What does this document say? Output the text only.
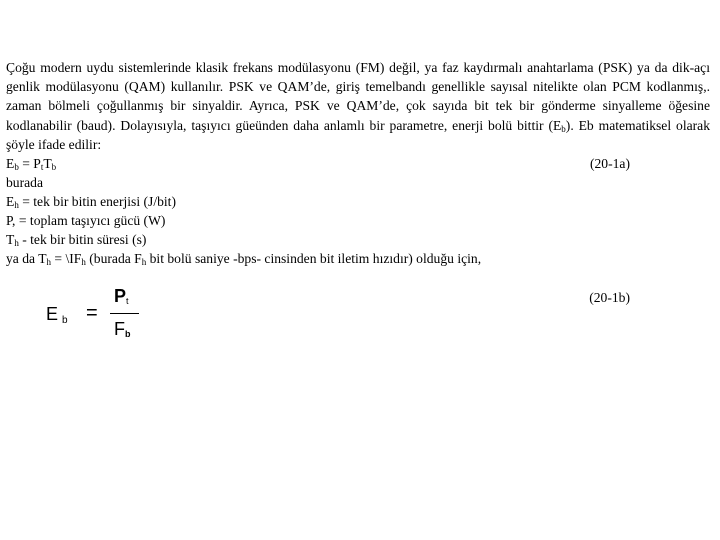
Çoğu modern uydu sistemlerinde klasik frekans modülasyonu (FM) değil, ya faz kaydırmalı anahtarlama (PSK) ya da dik-açı genlik modülasyonu (QAM) kullanılır. PSK ve QAM’de, giriş temelbandı genellikle sayısal nitelikte olan PCM kodlanmış,. zaman bölmeli çoğullanmış bir sinyaldir. Ayrıca, PSK ve QAM’de, çok sayıda bit tek bir gönderme sinyalleme öğesine kodlanabilir (baud). Dolayısıyla, taşıyıcı güeünden daha anlamlı bir parametre, enerji bolü bittir $(E_b)$. Eb matematiksel olarak şöyle ifade edilir:

$E_b = P_tT_b$	(20-1a)
burada
$E_h$ = tek bir bitin enerjisi (J/bit)
P, = toplam taşıyıcı gücü (W)
$T_h$ - tek bir bitin süresi (s)
ya da $T_h$ = $\backslash IF_h$ (burada $F_h$ bit bolü saniye -bps- cinsinden bit iletim hızıdır) olduğu için,
(20-1b)
E $_b$ =
$P_t$
$F_b$
